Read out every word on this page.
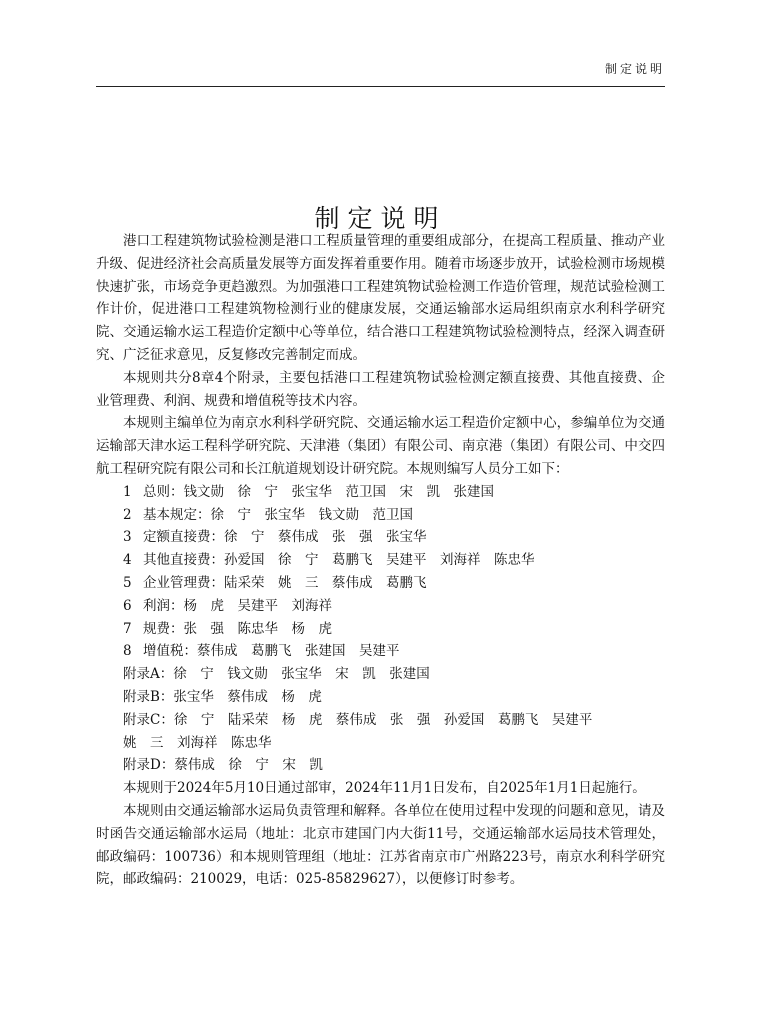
制定说明
制定说明

港口工程建筑物试验检测是港口工程质量管理的重要组成部分，在提高工程质量、推动产业升级、促进经济社会高质量发展等方面发挥着重要作用。随着市场逐步放开，试验检测市场规模快速扩张，市场竞争更趋激烈。为加强港口工程建筑物试验检测工作造价管理，规范试验检测工作计价，促进港口工程建筑物检测行业的健康发展，交通运输部水运局组织南京水利科学研究院、交通运输水运工程造价定额中心等单位，结合港口工程建筑物试验检测特点，经深入调查研究、广泛征求意见，反复修改完善制定而成。

本规则共分8章4个附录，主要包括港口工程建筑物试验检测定额直接费、其他直接费、企业管理费、利润、规费和增值税等技术内容。

本规则主编单位为南京水利科学研究院、交通运输水运工程造价定额中心，参编单位为交通运输部天津水运工程科学研究院、天津港（集团）有限公司、南京港（集团）有限公司、中交四航工程研究院有限公司和长江航道规划设计研究院。本规则编写人员分工如下：

1 总则：钱文勋　徐　宁　张宝华　范卫国　宋　凯　张建国
2 基本规定：徐　宁　张宝华　钱文勋　范卫国
3 定额直接费：徐　宁　蔡伟成　张　强　张宝华
4 其他直接费：孙爱国　徐　宁　葛鹏飞　吴建平　刘海祥　陈忠华
5 企业管理费：陆采荣　姚　三　蔡伟成　葛鹏飞
6 利润：杨　虎　吴建平　刘海祥
7 规费：张　强　陈忠华　杨　虎
8 增值税：蔡伟成　葛鹏飞　张建国　吴建平
附录A：徐　宁　钱文勋　张宝华　宋　凯　张建国
附录B：张宝华　蔡伟成　杨　虎
附录C：徐　宁　陆采荣　杨　虎　蔡伟成　张　强　孙爱国　葛鹏飞　吴建平
姚　三　刘海祥　陈忠华
附录D：蔡伟成　徐　宁　宋　凯

本规则于2024年5月10日通过部审，2024年11月1日发布，自2025年1月1日起施行。

本规则由交通运输部水运局负责管理和解释。各单位在使用过程中发现的问题和意见，请及时函告交通运输部水运局（地址：北京市建国门内大街11号，交通运输部水运局技术管理处，邮政编码：100736）和本规则管理组（地址：江苏省南京市广州路223号，南京水利科学研究院，邮政编码：210029，电话：025-85829627），以便修订时参考。
